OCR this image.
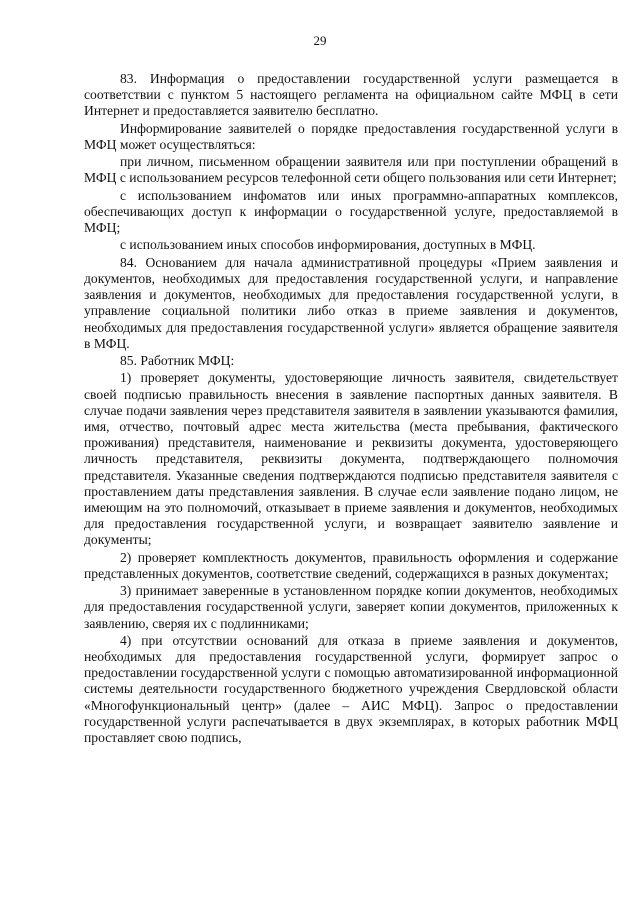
29

83. Информация о предоставлении государственной услуги размещается в соответствии с пунктом 5 настоящего регламента на официальном сайте МФЦ в сети Интернет и предоставляется заявителю бесплатно.

Информирование заявителей о порядке предоставления государственной услуги в МФЦ может осуществляться:

при личном, письменном обращении заявителя или при поступлении обращений в МФЦ с использованием ресурсов телефонной сети общего пользования или сети Интернет;

с использованием инфоматов или иных программно-аппаратных комплексов, обеспечивающих доступ к информации о государственной услуге, предоставляемой в МФЦ;

с использованием иных способов информирования, доступных в МФЦ.

84. Основанием для начала административной процедуры «Прием заявления и документов, необходимых для предоставления государственной услуги, и направление заявления и документов, необходимых для предоставления государственной услуги, в управление социальной политики либо отказ в приеме заявления и документов, необходимых для предоставления государственной услуги» является обращение заявителя в МФЦ.

85. Работник МФЦ:

1) проверяет документы, удостоверяющие личность заявителя, свидетельствует своей подписью правильность внесения в заявление паспортных данных заявителя. В случае подачи заявления через представителя заявителя в заявлении указываются фамилия, имя, отчество, почтовый адрес места жительства (места пребывания, фактического проживания) представителя, наименование и реквизиты документа, удостоверяющего личность представителя, реквизиты документа, подтверждающего полномочия представителя. Указанные сведения подтверждаются подписью представителя заявителя с проставлением даты представления заявления. В случае если заявление подано лицом, не имеющим на это полномочий, отказывает в приеме заявления и документов, необходимых для предоставления государственной услуги, и возвращает заявителю заявление и документы;

2) проверяет комплектность документов, правильность оформления и содержание представленных документов, соответствие сведений, содержащихся в разных документах;

3) принимает заверенные в установленном порядке копии документов, необходимых для предоставления государственной услуги, заверяет копии документов, приложенных к заявлению, сверяя их с подлинниками;

4) при отсутствии оснований для отказа в приеме заявления и документов, необходимых для предоставления государственной услуги, формирует запрос о предоставлении государственной услуги с помощью автоматизированной информационной системы деятельности государственного бюджетного учреждения Свердловской области «Многофункциональный центр» (далее – АИС МФЦ). Запрос о предоставлении государственной услуги распечатывается в двух экземплярах, в которых работник МФЦ проставляет свою подпись,
